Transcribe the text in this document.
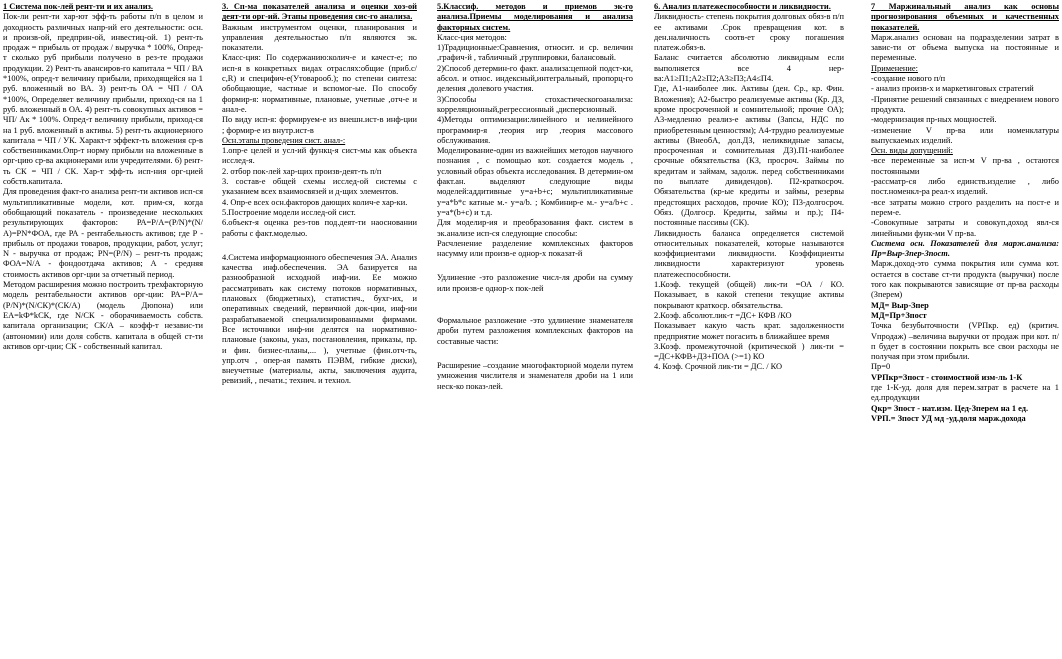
1 Система пок-лей рент-ти и их анализ.

Пок-ли рент-ти хар-ют эфф-ть работы п/п в целом и доходность различных напр-ий его деятельности: осн. и произв-ой, предприн-ой, инвестиц-ой. 1) рент-ть продаж = прибыль от продаж / выручка * 100%, Опред-т сколько руб прибыли получено в рез-те продажи продукции. 2) Рент-ть авансиров-го капитала = ЧП / ВА *100%, опред-т величину прибыли, приходящейся на 1 руб. вложенный во ВА. 3) рент-ть ОА = ЧП / ОА *100%, Определяет величину прибыли, приход-ся на 1 руб. вложенный в ОА. 4) рент-ть совокупных активов = ЧП/ Ак * 100%. Опред-т величину прибыли, приход-ся на 1 руб. вложенный в активы. 5) рент-ть акционерного капитала = ЧП / УК. Характ-т эффект-ть вложения ср-в собственниками.Опр-т норму прибыли на вложенные в орг-цию ср-ва акционерами или учредителями. 6) рент-ть СК = ЧП / СК. Хар-т эфф-ть исп-ния орг-цией собств.капитала.

Для проведения факт-го анализа рент-ти активов исп-ся мультипликативные модели, кот. прим-ся, когда обобщающий показатель - произведение нескольких результирующих факторов: РА=Р/А=(Р/N)*(N/А)=РN*ФОА, где РА - рентабельность активов; где Р - прибыль от продажи товаров, продукции, работ, услуг; N - выручка от продаж; РN=(Р/N) – рент-ть продаж; ФОА=N/А - фондоотдача активов; А - средняя стоимость активов орг-ции за отчетный период.

Методом расширения можно построить трехфакторную модель рентабельности активов орг-ции: РА=Р/А=(Р/N)*(N/СК)*(СК/А) (модель Дюпона) или ЕА=kФ*kСК, где N/СК - оборачиваемость собств. капитала организации; СК/А – коэфф-т независ-ти (автономии) или доля собств. капитала в общей ст-ти активов орг-ции; СК - собственный капитал.

3. Сп-ма показателей анализа и оценки хоз-ой деят-ти орг-ий. Этапы проведения сис-го анализа.

Важным инструментом оценки, планирования и управления деятельностью п/п являются эк. показатели.

Класс-ция: По содержанию:колич-е и качест-е; по исп-я в конкретных видах отраслях:общие (приб.с/с,R) и специфич-е(Утоварооб.); по степени синтеза: обобщающие, частные и вспомог-ые. По способу формир-я: нормативные, плановые, учетные ,отч-е и анал-е.

По виду исп-я: формируем-е из внешн.ист-в инф-ции ; формир-е из внутр.ист-в

Осн.этапы проведения сист. анал-:

1.опр-е целей и усл-ий функц-я сист-мы как объекта исслед-я.

2. отбор пок-лей хар-щих произв-деят-ть п/п

3. состав-е общей схемы исслед-ой системы с указанием всех взаимосвязей и д-щих элементов.

4. Опр-е всех осн.факторов дающих колич-е хар-ки.

5.Построение модели исслед-ой сист.

6.объект-я оценка рез-тов под.деят-ти наосновании работы с факт.моделью.

4.Система информационного обеспечения ЭА. Анализ качества инф.обеспечения. ЭА базируется на разнообразной исходной инф-ии. Ее можно рассматривать как систему потоков нормативных, плановых (бюджетных), статистич., бухг-их, и оперативных сведений, первичной док-ции, инф-ии разрабатываемой специализированными фирмами. Все источники инф-ии делятся на нормативно-плановые (законы, указ, постановления, приказы, пр. и фин. бизнес-планы,... ), учетные (фин.отч-ть, упр.отч , опер-ая память ПЭВМ, гибкие диски), внеучетные (материалы, акты, заключения аудита, ревизий, , печати.; технич. и технол.

5.Классиф. методов и приемов эк-го анализа.Приемы моделирования и анализа факторных систем.

Класс-ция методов:

1)Традиционные:Сравнения, относит. и ср. величин ,графич-й , табличный ,группировки, балансовый.

2)Способ детермин-го факт. анализа:цепной подст-ки, абсол. и относ. индексный,интегральный, пропорц-го деления ,долевого участия.

3)Способы стохастическогоанализа: корреляционный,регрессионный ,дисперсионный.

4)Методы оптимизации:линейного и нелинейного программир-я ,теория игр ,теория массового обслуживания.

Моделирование-один из важнейших методов научного познания , с помощью кот. создается модель , условный образ объекта исследования. В детермин-ом факт.ан. выделяют следующие виды моделей:аддитивные у=а+b+c; мультипликативные у=a*b*c катные м.- у=а/b. ; Комбинир-е м.- у=а/b+c . у=а*(b+c) и т.д.

Для моделир-ия и преобразования факт. систем в эк.анализе исп-ся следующие способы:

Расчленение разделение комплексных факторов насумму или произв-е однор-х показат-й

Удлинение -это разложение числ-ля дроби на сумму или произв-е однор-х пок-лей

Формальное разложение -это удлинение знаменателя дроби путем разложения комплексных факторов на составные части:

Расширение –создание многофакторной модели путем умножения числителя и знаменателя дроби на 1 или неск-ко показ-лей.

6. Анализ платежеспособности и ликвидности.

Ликвидность- степень покрытия долговых обяз-в п/п ее активами .Срок превращения кот. в ден.наличность соотв-ет сроку погашения платеж.обяз-в.

Баланс считается абсолютно ликвидным если выполняется все 4 нер-ва:А1≥П1;А2≥П2;А3≥П3;А4≤П4.

Где, А1-наиболее лик. Активы (ден. Ср., кр. Фин. Вложения); А2-быстро реализуемые активы (Кр. ДЗ, кроме просроченной и сомнительной; прочие ОА); А3-медленно реализ-е активы (Запсы, НДС по приобретенным ценностям); А4-трудно реализуемые активы (ВнеобА, дол.ДЗ, неликвидные запасы, просроченная и сомнительная ДЗ).П1-наиболее срочные обязательства (КЗ, просроч. Займы по кредитам и займам, задолж. перед собственниками по выплате дивидендов). П2-краткосроч. Обязательства (кр-ые кредиты и займы, резервы предстоящих расходов, прочие КО); П3-долгосроч. Обяз. (Долгоср. Кредиты, займы и пр.); П4-постоянные пассивы (СК).

Ликвидность баланса определяется системой относительных показателей, которые называются коэффициентами ликвидности. Коэффициенты ликвидности характеризуют уровень платежеспособности.

1.Коэф. текущей (общей) лик-ти =ОА / КО. Показывает, в какой степени текущие активы покрывают краткоср. обязательства.

2.Коэф. абсолют.лик-т =ДС+ КФВ /КО

Показывает какую часть крат. задолженности предприятие может погасить в ближайшее время

3.Коэф. промежуточной (критической ) лик-ти = =ДС+КФВ+ДЗ+ПОА (>=1) КО

4. Коэф. Срочной лик-ти = ДС. / КО

7 Маржинальный анализ как основы прогнозирования объемных и качественных показателей.

Марж.анализ основан на подразделении затрат в завис-ти от объема выпуска на постоянные и переменные.

Применение:

-создание нового п/п

- анализ произв-х и маркетинговых стратегий

-Принятие решений связанных с внедрением нового продукта.

-модернизация пр-ных мощностей.

-изменение V пр-ва или номенклатуры выпускаемых изделий.

Осн. виды допущений:

-все переменные за исп-м V пр-ва , остаются постоянными

-рассматр-ся либо единств.изделие , либо пост.номенкл-ра реал-х изделий.

-все затраты можно строго разделить на пост-е и перем-е.

-Совокупные затраты и совокуп.доход явл-ся линейными функ-ми V пр-ва.

Система осн. Показателей для марж.анализа: Пр=Выр-Зпер-Зпост.

Марж.доход-это сумма покрытия или сумма кот. остается в составе ст-ти продукта (выручки) после того как покрываются зависящие от пр-ва расходы (Зперем)

МД= Выр-Зпер

МД=Пр+Зпост

Точка безубыточности (VРПкр. ед) (критич. Vпродаж) –величина выручки от продаж при кот. п/п будет в состоянии покрыть все свои расходы не получая при этом прибыли.

Пр=0

VРПкр=Зпост - стоимостной изм-ль 1-К

где 1-К-уд. доля для перем.затрат в расчете на 1 ед.продукции

Qкр= Зпост - нат.изм. Цед-Зперем на 1 ед.

VРП.= Зпост УД мд -уд.доля марж.дохода
